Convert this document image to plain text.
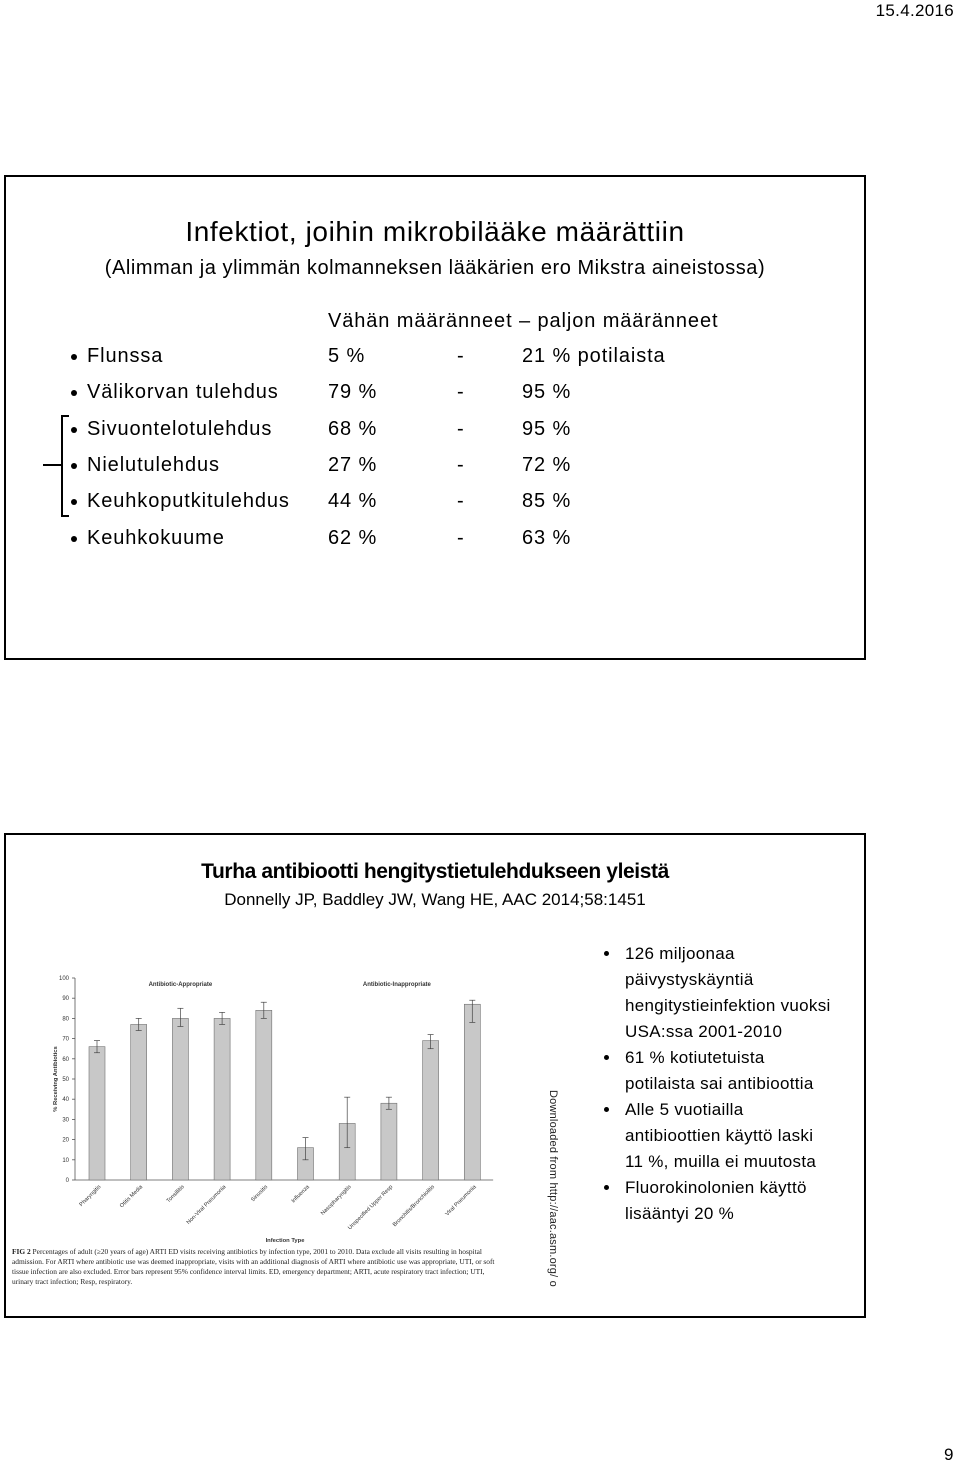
15.4.2016
Infektiot, joihin mikrobilääke määrättiin
(Alimman ja ylimmän kolmanneksen lääkärien ero Mikstra aineistossa)
Vähän määränneet – paljon määränneet
Flunssa	5 %	-	21 % potilaista
Välikorvan tulehdus 79 %	-	95 %
Sivuontelotulehdus	68 %	-	95 %
Nielutulehdus	27 %	-	72 %
Keuhkoputkitulehdus 44 %	-	85 %
Keuhkokuume	62 %	-	63 %
Turha antibiootti hengitystietulehdukseen yleistä
Donnelly JP, Baddley JW, Wang HE, AAC 2014;58:1451
100
90
80
70
60
50
40
30
20
10
0
Pharyngitis	Otitis Media	Tonsillitis Non-Viral Pneumonia	Sinusitis	Influenza Nasopharyngitis
Unspecified Upper Resp
Bronchitis/Bronchiolitis Viral Pneumonia
Antibiotic-Appropriate	Antibiotic-Inappropriate
% Receiving Antibiotics
Infection Type
FIG 2 Percentages of adult (≥20 years of age) ARTI ED visits receiving antibiotics by infection type, 2001 to 2010. Data exclude all visits resulting in hospital
admission. For ARTI where antibiotic use was deemed inappropriate, visits with an additional diagnosis of ARTI where antibiotic use was appropriate, UTI, or soft
tissue infection are also excluded. Error bars represent 95% confidence interval limits. ED, emergency department; ARTI, acute respiratory tract infection; UTI,
urinary tract infection; Resp, respiratory.	Downloaded from http://aac.asm.org/ o
126 miljoonaa
päivystyskäyntiä
hengitystieinfektion vuoksi
USA:ssa 2001-2010
61 % kotiutetuista
potilaista sai antibioottia
Alle 5 vuotiailla
antibioottien käyttö laski
11 %, muilla ei muutosta
Fluorokinolonien käyttö
lisääntyi 20 %
9
